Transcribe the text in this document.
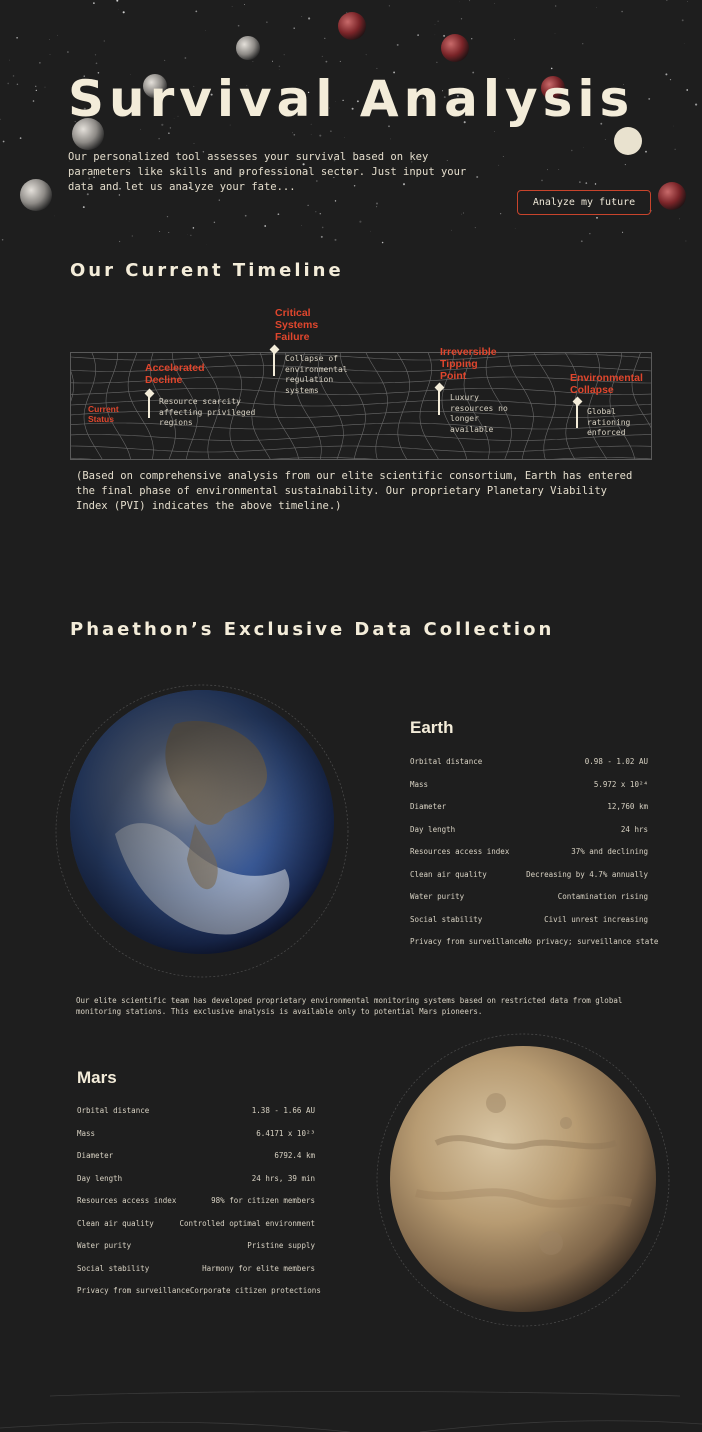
Survival Analysis

Our personalized tool assesses your survival based on key parameters like skills and professional sector. Just input your data and let us analyze your fate...

Analyze my future
Our Current Timeline
Current
Status
Accelerated
Decline
Resource scarcity
affecting privileged
regions
Critical
Systems
Failure
Collapse of
environmental
regulation
systems
Irreversible
Tipping
Point
Luxury
resources no
longer
available
Environmental
Collapse
Global
rationing
enforced

(Based on comprehensive analysis from our elite scientific consortium, Earth has entered the final phase of environmental sustainability. Our proprietary Planetary Viability Index (PVI) indicates the above timeline.)

Phaethon’s Exclusive Data Collection
Earth
Orbital distance	0.98 - 1.02 AU
Mass	5.972 x 10²⁴
Diameter	12,760 km
Day length	24 hrs
Resources access index	37% and declining
Clean air quality	Decreasing by 4.7% annually
Water purity	Contamination rising
Social stability	Civil unrest increasing
Privacy from surveillance No privacy; surveillance state

Our elite scientific team has developed proprietary environmental monitoring systems based on restricted data from global monitoring stations. This exclusive analysis is available only to potential Mars pioneers.

Mars
Orbital distance	1.38 - 1.66 AU
Mass	6.4171 x 10²³
Diameter	6792.4 km
Day length	24 hrs, 39 min
Resources access index	98% for citizen members
Clean air quality	Controlled optimal environment
Water purity	Pristine supply
Social stability	Harmony for elite members
Privacy from surveillance Corporate citizen protections
